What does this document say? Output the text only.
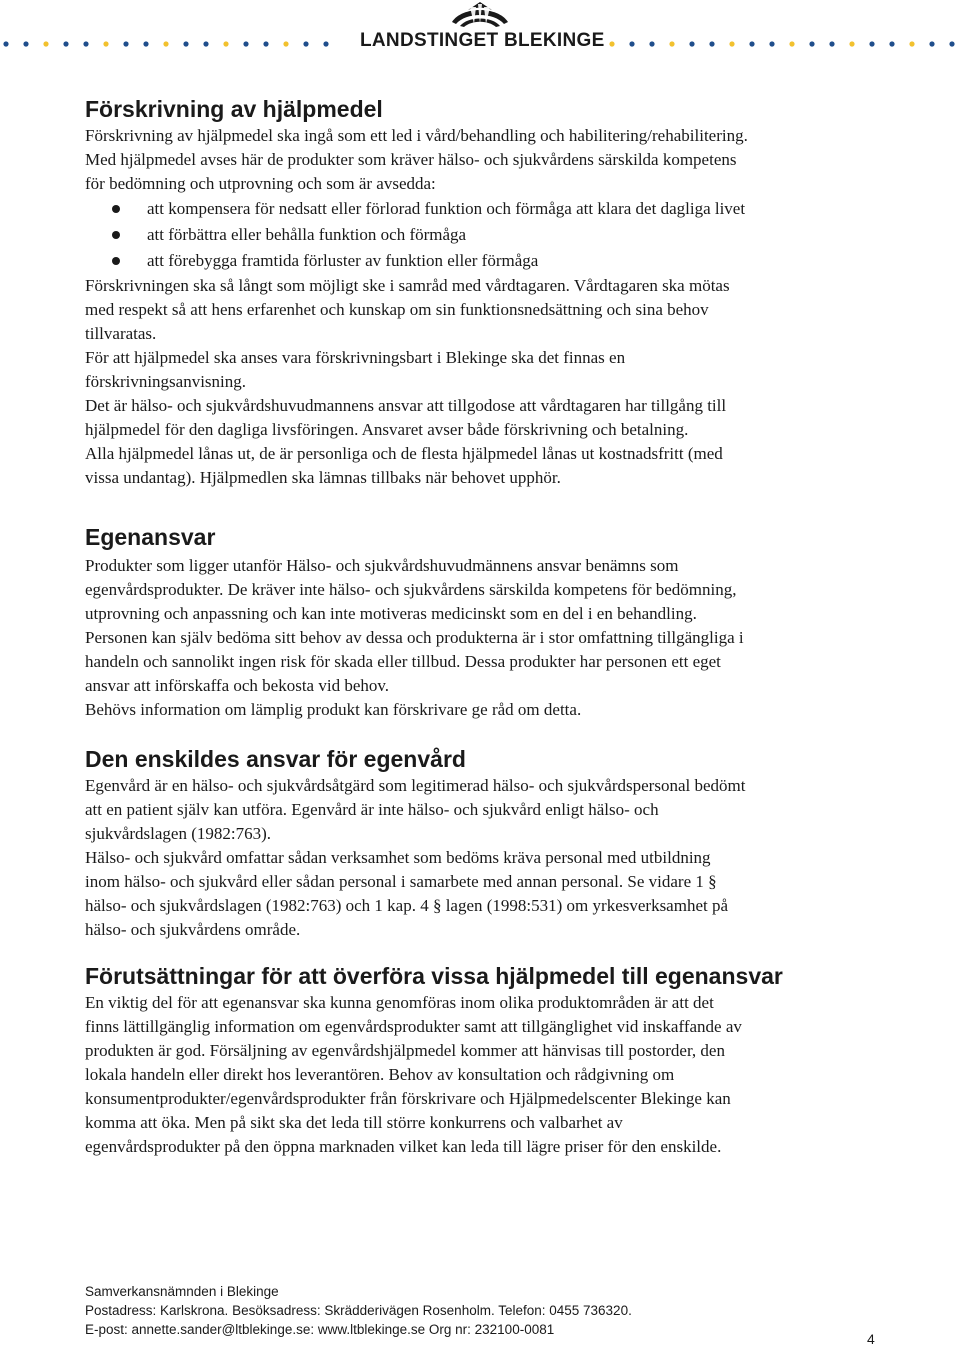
LANDSTINGET BLEKINGE
Förskrivning av hjälpmedel

Förskrivning av hjälpmedel ska ingå som ett led i vård/behandling och habilitering/rehabilitering.

Med hjälpmedel avses här de produkter som kräver hälso- och sjukvårdens särskilda kompetens

för bedömning och utprovning och som är avsedda:

att kompensera för nedsatt eller förlorad funktion och förmåga att klara det dagliga livet
att förbättra eller behålla funktion och förmåga
att förebygga framtida förluster av funktion eller förmåga

Förskrivningen ska så långt som möjligt ske i samråd med vårdtagaren. Vårdtagaren ska mötas

med respekt så att hens erfarenhet och kunskap om sin funktionsnedsättning och sina behov

tillvaratas.

För att hjälpmedel ska anses vara förskrivningsbart i Blekinge ska det finnas en

förskrivningsanvisning.

Det är hälso- och sjukvårdshuvudmannens ansvar att tillgodose att vårdtagaren har tillgång till

hjälpmedel för den dagliga livsföringen. Ansvaret avser både förskrivning och betalning.

Alla hjälpmedel lånas ut, de är personliga och de flesta hjälpmedel lånas ut kostnadsfritt (med

vissa undantag). Hjälpmedlen ska lämnas tillbaks när behovet upphör.

Egenansvar

Produkter som ligger utanför Hälso- och sjukvårdshuvudmännens ansvar benämns som

egenvårdsprodukter. De kräver inte hälso- och sjukvårdens särskilda kompetens för bedömning,

utprovning och anpassning och kan inte motiveras medicinskt som en del i en behandling.

Personen kan själv bedöma sitt behov av dessa och produkterna är i stor omfattning tillgängliga i

handeln och sannolikt ingen risk för skada eller tillbud. Dessa produkter har personen ett eget

ansvar att införskaffa och bekosta vid behov.

Behövs information om lämplig produkt kan förskrivare ge råd om detta.

Den enskildes ansvar för egenvård

Egenvård är en hälso- och sjukvårdsåtgärd som legitimerad hälso- och sjukvårdspersonal bedömt

att en patient själv kan utföra. Egenvård är inte hälso- och sjukvård enligt hälso- och

sjukvårdslagen (1982:763).

Hälso- och sjukvård omfattar sådan verksamhet som bedöms kräva personal med utbildning

inom hälso- och sjukvård eller sådan personal i samarbete med annan personal. Se vidare 1 §

hälso- och sjukvårdslagen (1982:763) och 1 kap. 4 § lagen (1998:531) om yrkesverksamhet på

hälso- och sjukvårdens område.

Förutsättningar för att överföra vissa hjälpmedel till egenansvar

En viktig del för att egenansvar ska kunna genomföras inom olika produktområden är att det

finns lättillgänglig information om egenvårdsprodukter samt att tillgänglighet vid inskaffande av

produkten är god. Försäljning av egenvårdshjälpmedel kommer att hänvisas till postorder, den

lokala handeln eller direkt hos leverantören. Behov av konsultation och rådgivning om

konsumentprodukter/egenvårdsprodukter från förskrivare och Hjälpmedelscenter Blekinge kan

komma att öka. Men på sikt ska det leda till större konkurrens och valbarhet av

egenvårdsprodukter på den öppna marknaden vilket kan leda till lägre priser för den enskilde.

Samverkansnämnden i Blekinge
Postadress: Karlskrona. Besöksadress: Skrädderivägen Rosenholm. Telefon: 0455 736320.
E-post: annette.sander@ltblekinge.se: www.ltblekinge.se Org nr: 232100-0081
4
